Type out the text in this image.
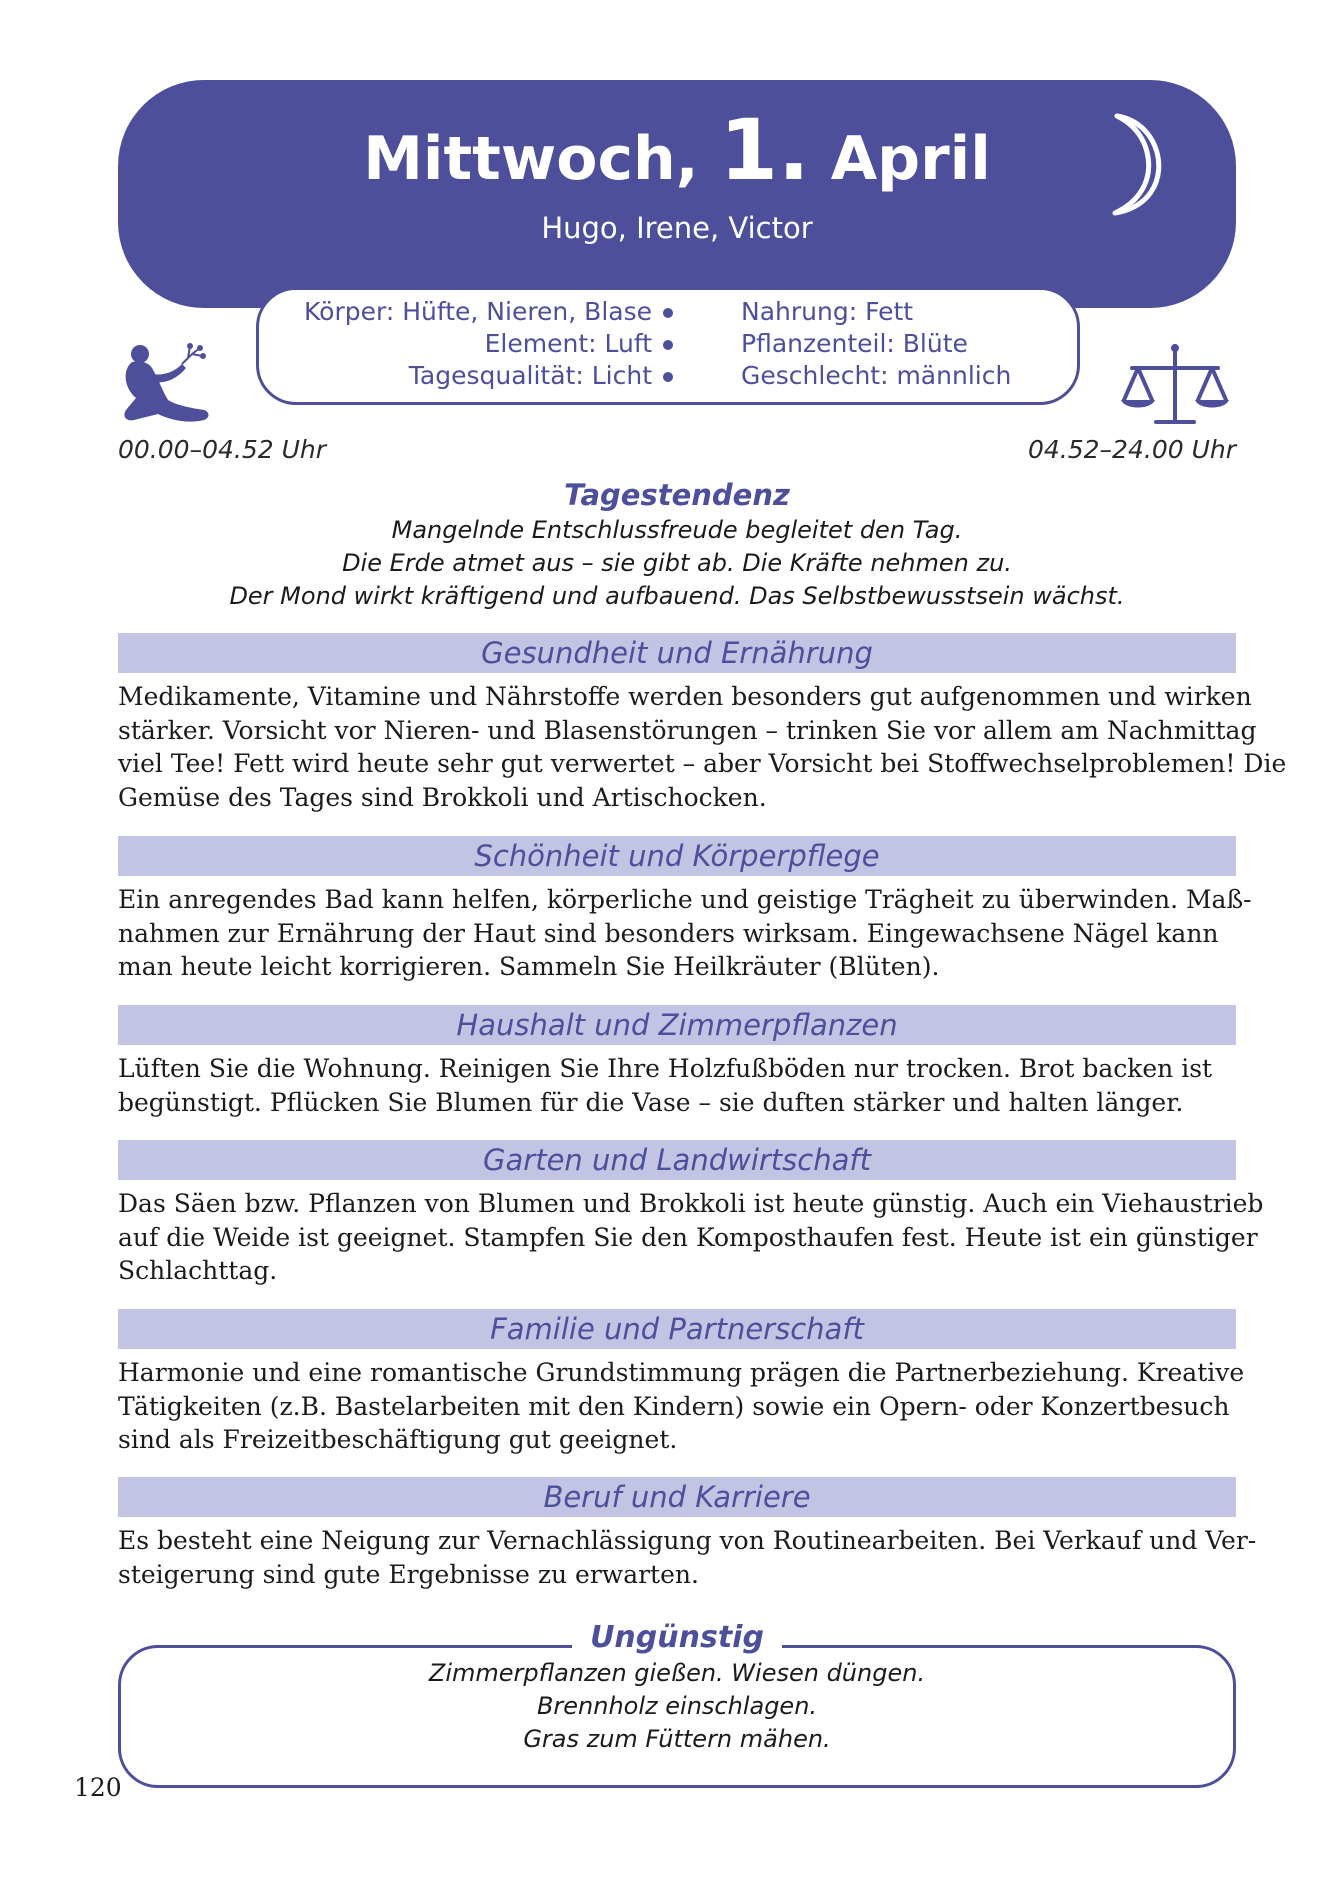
Mittwoch, 1. April
Hugo, Irene, Victor
Körper: Hüfte, Nieren, Blase	Nahrung: Fett
Element: Luft	Pflanzenteil: Blüte
Tagesqualität: Licht	Geschlecht: männlich
00.00–04.52 Uhr	04.52–24.00 Uhr
Tagestendenz
Mangelnde Entschlussfreude begleitet den Tag.
Die Erde atmet aus – sie gibt ab. Die Kräfte nehmen zu.
Der Mond wirkt kräftigend und aufbauend. Das Selbstbewusstsein wächst.
Gesundheit und Ernährung
Medikamente, Vitamine und Nährstoffe werden besonders gut aufgenommen und wirken
stärker. Vorsicht vor Nieren- und Blasenstörungen – trinken Sie vor allem am Nachmittag
viel Tee! Fett wird heute sehr gut verwertet – aber Vorsicht bei Stoffwechselproblemen! Die
Gemüse des Tages sind Brokkoli und Artischocken.
Schönheit und Körperpflege
Ein anregendes Bad kann helfen, körperliche und geistige Trägheit zu überwinden. Maß-
nahmen zur Ernährung der Haut sind besonders wirksam. Eingewachsene Nägel kann
man heute leicht korrigieren. Sammeln Sie Heilkräuter (Blüten).
Haushalt und Zimmerpflanzen
Lüften Sie die Wohnung. Reinigen Sie Ihre Holzfußböden nur trocken. Brot backen ist
begünstigt. Pflücken Sie Blumen für die Vase – sie duften stärker und halten länger.
Garten und Landwirtschaft
Das Säen bzw. Pflanzen von Blumen und Brokkoli ist heute günstig. Auch ein Viehaustrieb
auf die Weide ist geeignet. Stampfen Sie den Komposthaufen fest. Heute ist ein günstiger
Schlachttag.
Familie und Partnerschaft
Harmonie und eine romantische Grundstimmung prägen die Partnerbeziehung. Kreative
Tätigkeiten (z.B. Bastelarbeiten mit den Kindern) sowie ein Opern- oder Konzertbesuch
sind als Freizeitbeschäftigung gut geeignet.
Beruf und Karriere
Es besteht eine Neigung zur Vernachlässigung von Routinearbeiten. Bei Verkauf und Ver-
steigerung sind gute Ergebnisse zu erwarten.
Ungünstig
Zimmerpflanzen gießen. Wiesen düngen.
Brennholz einschlagen.
Gras zum Füttern mähen.
120
